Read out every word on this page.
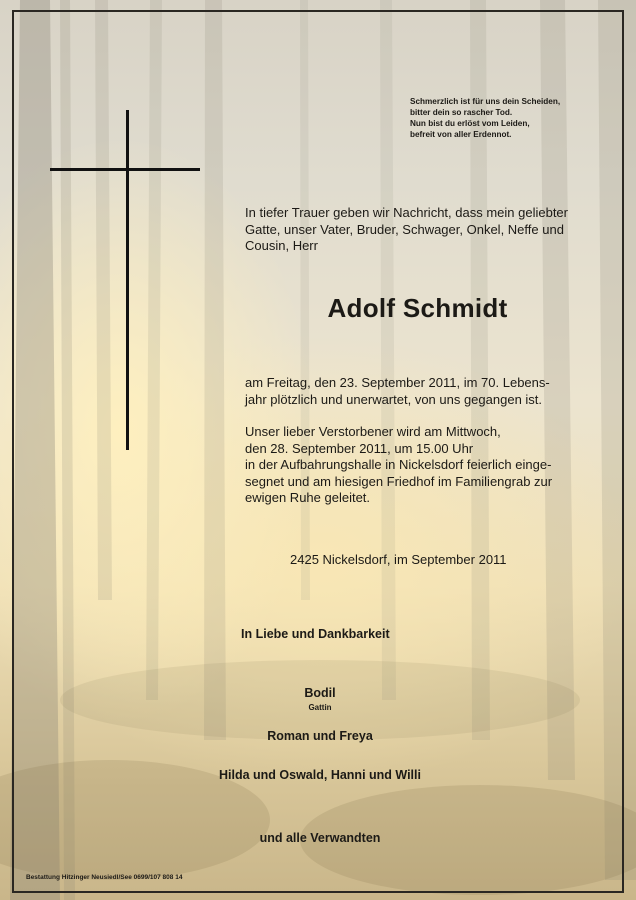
Schmerzlich ist für uns dein Scheiden,
bitter dein so rascher Tod.
Nun bist du erlöst vom Leiden,
befreit von aller Erdennot.
In tiefer Trauer geben wir Nachricht, dass mein geliebter
Gatte, unser Vater, Bruder, Schwager, Onkel, Neffe und
Cousin, Herr
Adolf Schmidt
am Freitag, den 23. September 2011, im 70. Lebens-
jahr plötzlich und unerwartet, von uns gegangen ist.
Unser lieber Verstorbener wird am Mittwoch,
den 28. September 2011, um 15.00 Uhr
in der Aufbahrungshalle in Nickelsdorf feierlich einge-
segnet und am hiesigen Friedhof im Familiengrab zur
ewigen Ruhe geleitet.
2425 Nickelsdorf, im September 2011
In Liebe und Dankbarkeit
Bodil
Gattin
Roman und Freya
Hilda und Oswald, Hanni und Willi
und alle Verwandten
Bestattung Hitzinger Neusiedl/See 0699/107 808 14
